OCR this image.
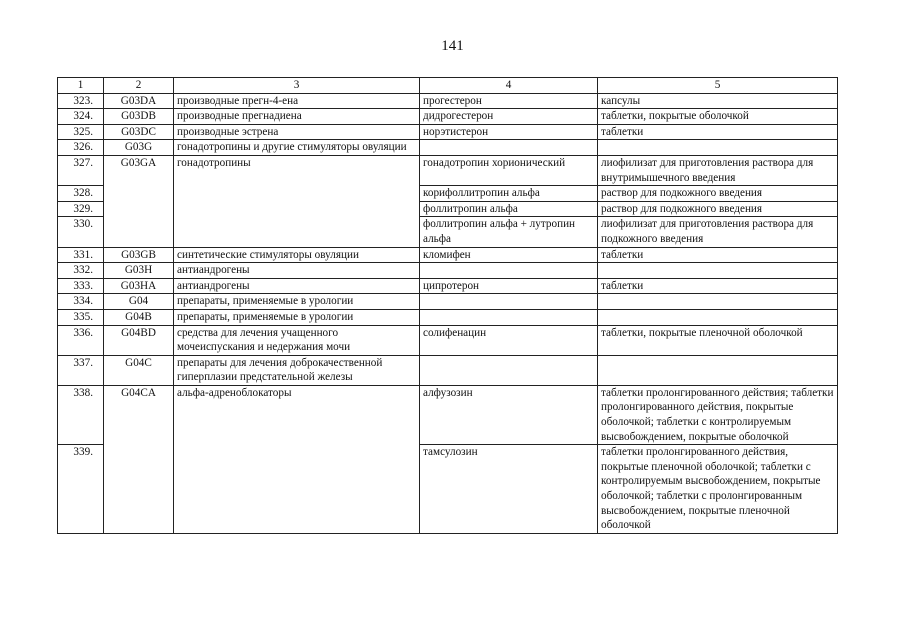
141
1	2	3	4	5
323.	G03DA	производные прегн-4-ена	прогестерон	капсулы
324.	G03DB	производные прегнадиена	дидрогестерон	таблетки, покрытые оболочкой
325.	G03DC	производные эстрена	норэтистерон	таблетки
326.	G03G	гонадотропины и другие стимуляторы овуляции		
327.	G03GA	гонадотропины	гонадотропин хорионический	лиофилизат для приготовления раствора для внутримышечного введения
328.			корифоллитропин альфа	раствор для подкожного введения
329.			фоллитропин альфа	раствор для подкожного введения
330.			фоллитропин альфа + лутропин альфа	лиофилизат для приготовления раствора для подкожного введения
331.	G03GB	синтетические стимуляторы овуляции	кломифен	таблетки
332.	G03H	антиандрогены		
333.	G03HA	антиандрогены	ципротерон	таблетки
334.	G04	препараты, применяемые в урологии		
335.	G04B	препараты, применяемые в урологии		
336.	G04BD	средства для лечения учащенного мочеиспускания и недержания мочи	солифенацин	таблетки, покрытые пленочной оболочкой
337.	G04C	препараты для лечения доброкачественной гиперплазии предстательной железы		
338.	G04CA	альфа-адреноблокаторы	алфузозин	таблетки пролонгированного действия; таблетки пролонгированного действия, покрытые оболочкой; таблетки с контролируемым высвобождением, покрытые оболочкой
339.			тамсулозин	таблетки пролонгированного действия, покрытые пленочной оболочкой; таблетки с контролируемым высвобождением, покрытые оболочкой; таблетки с пролонгированным высвобождением, покрытые пленочной оболочкой
